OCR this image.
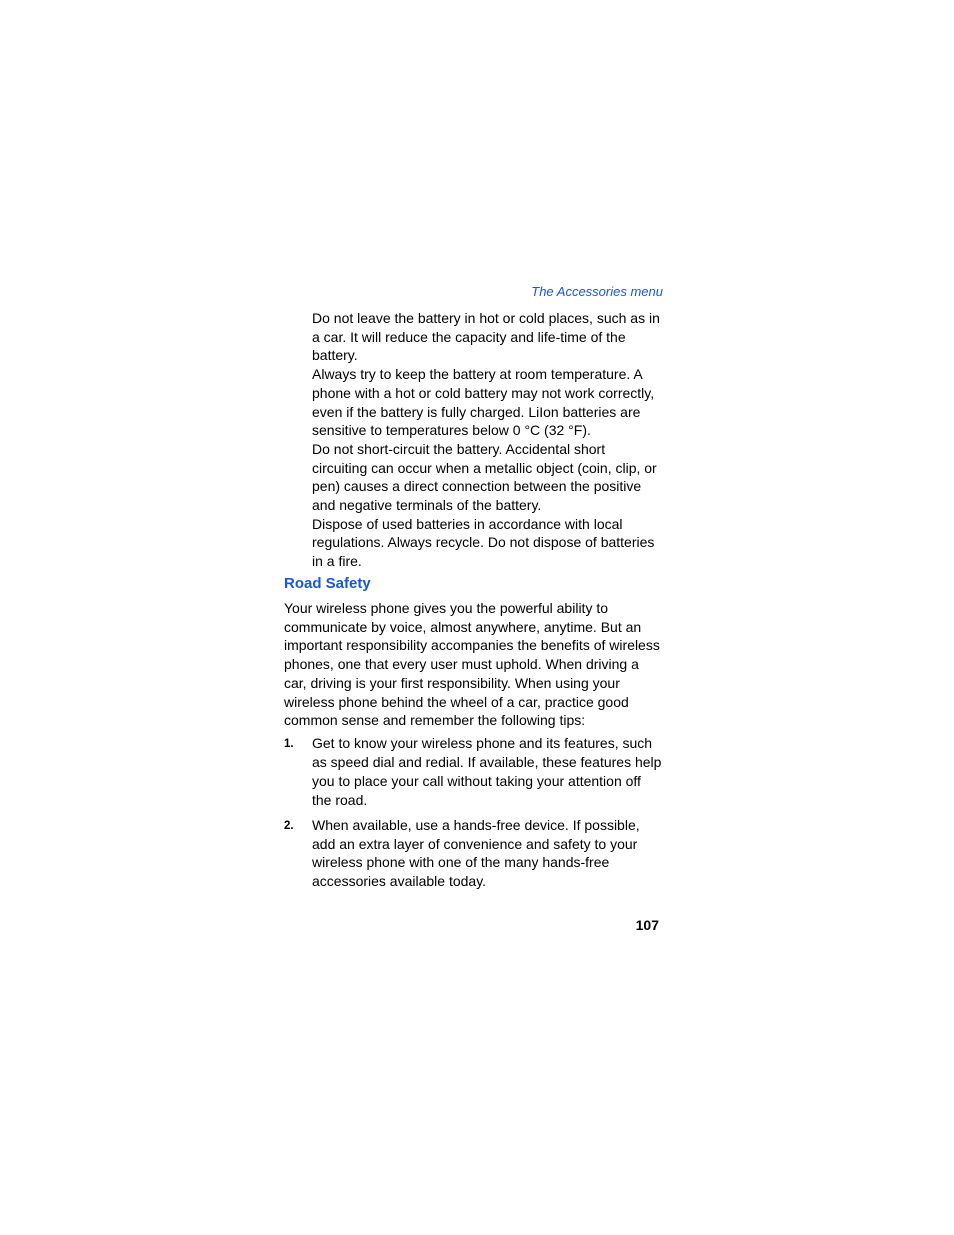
The Accessories menu

Do not leave the battery in hot or cold places, such as in a car. It will reduce the capacity and life-time of the battery.

Always try to keep the battery at room temperature. A phone with a hot or cold battery may not work correctly, even if the battery is fully charged. LiIon batteries are sensitive to temperatures below 0 °C (32 °F).

Do not short-circuit the battery. Accidental short circuiting can occur when a metallic object (coin, clip, or pen) causes a direct connection between the positive and negative terminals of the battery.

Dispose of used batteries in accordance with local regulations. Always recycle. Do not dispose of batteries in a fire.

Road Safety

Your wireless phone gives you the powerful ability to communicate by voice, almost anywhere, anytime. But an important responsibility accompanies the benefits of wireless phones, one that every user must uphold. When driving a car, driving is your first responsibility. When using your wireless phone behind the wheel of a car, practice good common sense and remember the following tips:

1. Get to know your wireless phone and its features, such as speed dial and redial. If available, these features help you to place your call without taking your attention off the road.
2. When available, use a hands-free device. If possible, add an extra layer of convenience and safety to your wireless phone with one of the many hands-free accessories available today.
107
